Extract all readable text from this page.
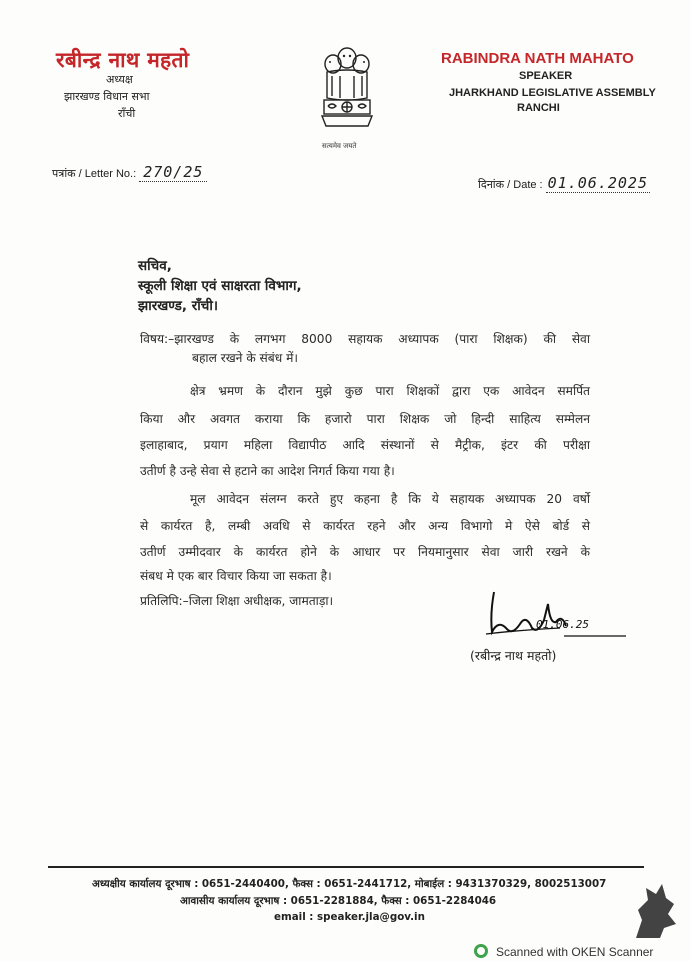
रबीन्द्र नाथ महतो
अध्यक्ष
झारखण्ड विधान सभा
राँची
सत्यमेव जयते
RABINDRA NATH MAHATO
SPEAKER
JHARKHAND LEGISLATIVE ASSEMBLY
RANCHI
पत्रांक / Letter No.: 270/25
दिनांक / Date : 01.06.2025
सचिव,
स्कूली शिक्षा एवं साक्षरता विभाग,
झारखण्ड, राँची।
विषय:–झारखण्ड के लगभग 8000 सहायक अध्यापक (पारा शिक्षक) की सेवा
बहाल रखने के संबंध में।
क्षेत्र भ्रमण के दौरान मुझे कुछ पारा शिक्षकों द्वारा एक आवेदन समर्पित
किया और अवगत कराया कि हजारो पारा शिक्षक जो हिन्दी साहित्य सम्मेलन
इलाहाबाद, प्रयाग महिला विद्यापीठ आदि संस्थानों से मैट्रीक, इंटर की परीक्षा
उतीर्ण है उन्हे सेवा से हटाने का आदेश निगर्त किया गया है।
मूल आवेदन संलग्न करते हुए कहना है कि ये सहायक अध्यापक 20 वर्षो
से कार्यरत है, लम्बी अवधि से कार्यरत रहने और अन्य विभागो मे ऐसे बोर्ड से
उतीर्ण उम्मीदवार के कार्यरत होने के आधार पर नियमानुसार सेवा जारी रखने के
संबध मे एक बार विचार किया जा सकता है।
प्रतिलिपि:–जिला शिक्षा अधीक्षक, जामताड़ा।
01.06.25
(रबीन्द्र नाथ महतो)
अध्यक्षीय कार्यालय दूरभाष : 0651-2440400, फैक्स : 0651-2441712, मोबाईल : 9431370329, 8002513007
आवासीय कार्यालय दूरभाष : 0651-2281884, फैक्स : 0651-2284046
email : speaker.jla@gov.in
Scanned with OKEN Scanner
